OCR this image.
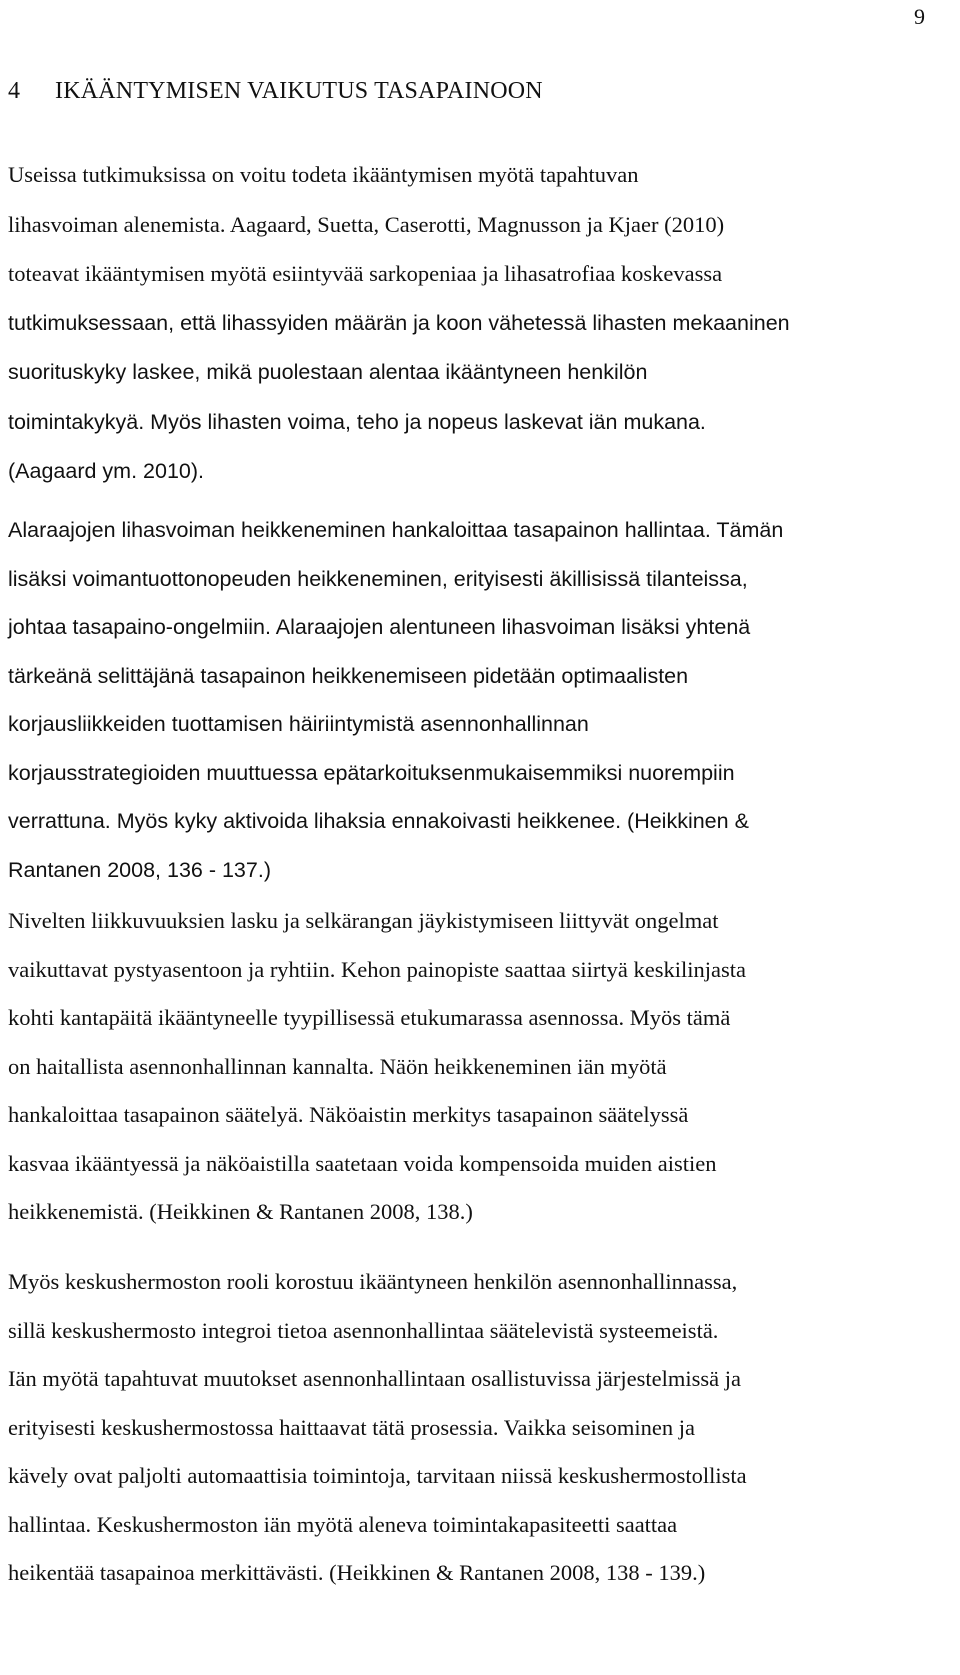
9
4 IKÄÄNTYMISEN VAIKUTUS TASAPAINOON
Useissa tutkimuksissa on voitu todeta ikääntymisen myötä tapahtuvan
lihasvoiman alenemista. Aagaard, Suetta, Caserotti, Magnusson ja Kjaer (2010)
toteavat ikääntymisen myötä esiintyvää sarkopeniaa ja lihasatrofiaa koskevassa
tutkimuksessaan, että lihassyiden määrän ja koon vähetessä lihasten mekaaninen
suorituskyky laskee, mikä puolestaan alentaa ikääntyneen henkilön
toimintakykyä. Myös lihasten voima, teho ja nopeus laskevat iän mukana.
(Aagaard ym. 2010).
Alaraajojen lihasvoiman heikkeneminen hankaloittaa tasapainon hallintaa. Tämän
lisäksi voimantuottonopeuden heikkeneminen, erityisesti äkillisissä tilanteissa,
johtaa tasapaino-ongelmiin. Alaraajojen alentuneen lihasvoiman lisäksi yhtenä
tärkeänä selittäjänä tasapainon heikkenemiseen pidetään optimaalisten
korjausliikkeiden tuottamisen häiriintymistä asennonhallinnan
korjausstrategioiden muuttuessa epätarkoituksenmukaisemmiksi nuorempiin
verrattuna. Myös kyky aktivoida lihaksia ennakoivasti heikkenee. (Heikkinen &
Rantanen 2008, 136 - 137.)
Nivelten liikkuvuuksien lasku ja selkärangan jäykistymiseen liittyvät ongelmat
vaikuttavat pystyasentoon ja ryhtiin. Kehon painopiste saattaa siirtyä keskilinjasta
kohti kantapäitä ikääntyneelle tyypillisessä etukumarassa asennossa. Myös tämä
on haitallista asennonhallinnan kannalta. Näön heikkeneminen iän myötä
hankaloittaa tasapainon säätelyä. Näköaistin merkitys tasapainon säätelyssä
kasvaa ikääntyessä ja näköaistilla saatetaan voida kompensoida muiden aistien
heikkenemistä. (Heikkinen & Rantanen 2008, 138.)
Myös keskushermoston rooli korostuu ikääntyneen henkilön asennonhallinnassa,
sillä keskushermosto integroi tietoa asennonhallintaa säätelevistä systeemeistä.
Iän myötä tapahtuvat muutokset asennonhallintaan osallistuvissa järjestelmissä ja
erityisesti keskushermostossa haittaavat tätä prosessia. Vaikka seisominen ja
kävely ovat paljolti automaattisia toimintoja, tarvitaan niissä keskushermostollista
hallintaa. Keskushermoston iän myötä aleneva toimintakapasiteetti saattaa
heikentää tasapainoa merkittävästi. (Heikkinen & Rantanen 2008, 138 - 139.)
